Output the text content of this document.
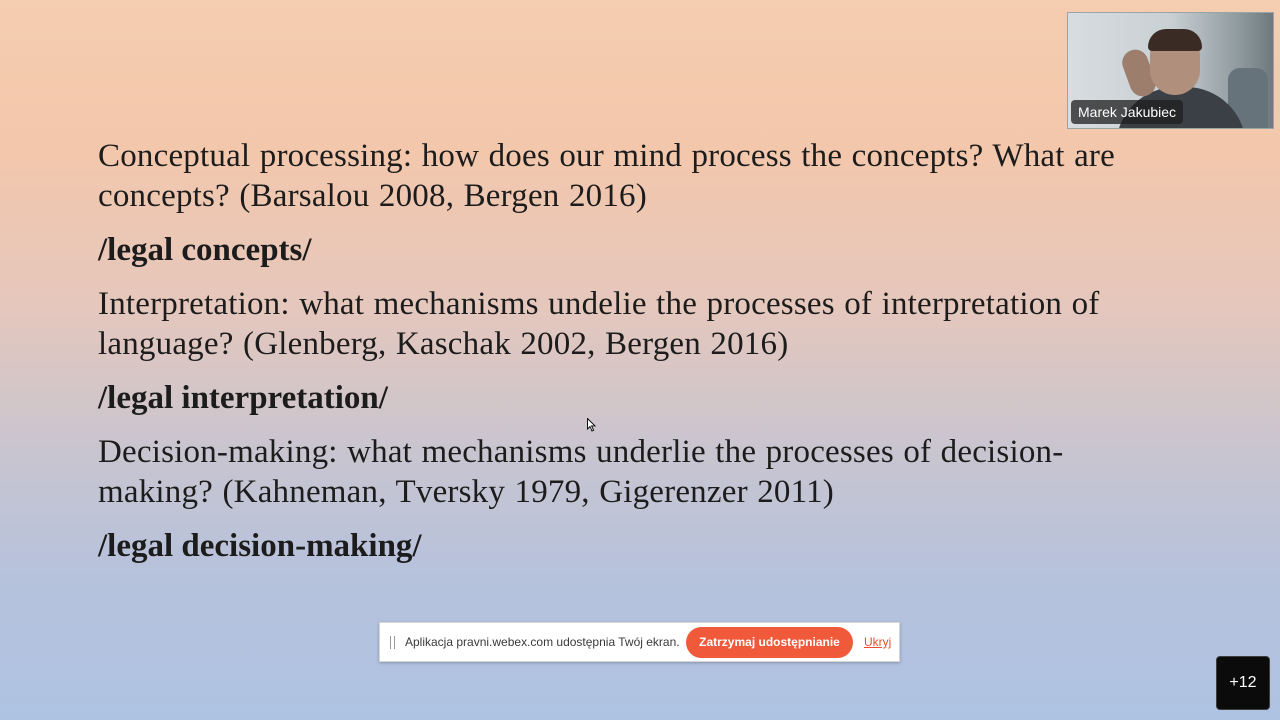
Conceptual processing: how does our mind process the concepts? What are concepts? (Barsalou 2008, Bergen 2016)

/legal concepts/

Interpretation: what mechanisms undelie the processes of interpretation of language? (Glenberg, Kaschak 2002, Bergen 2016)

/legal interpretation/

Decision-making: what mechanisms underlie the processes of decision-making? (Kahneman, Tversky 1979, Gigerenzer 2011)

/legal decision-making/

Marek Jakubiec
Aplikacja pravni.webex.com udostępnia Twój ekran.	Zatrzymaj udostępnianie	Ukryj
+12
